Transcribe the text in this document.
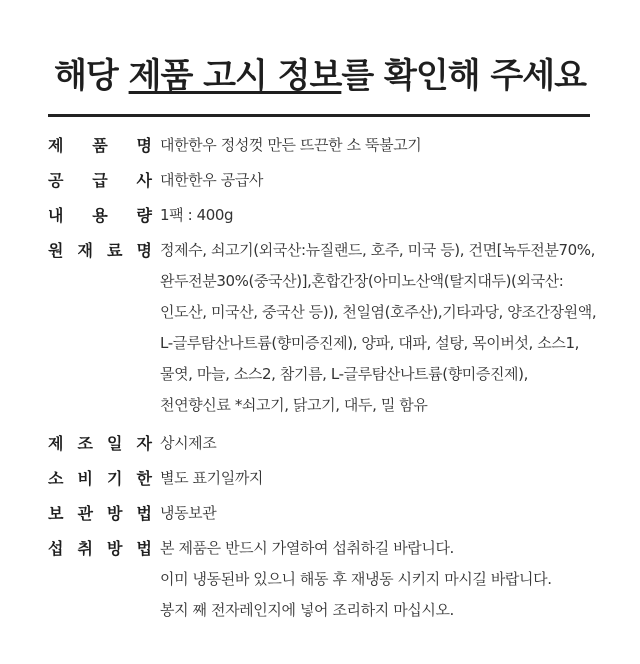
해당 제품 고시 정보를 확인해 주세요
제 품 명 대한한우 정성껏 만든 뜨끈한 소 뚝불고기
공 급 사 대한한우 공급사
내 용 량 1팩 : 400g
원 재 료 명 정제수, 쇠고기(외국산:뉴질랜드, 호주, 미국 등), 건면[녹두전분70%,
완두전분30%(중국산)],혼합간장(아미노산액(탈지대두)(외국산:
인도산, 미국산, 중국산 등)), 천일염(호주산),기타과당, 양조간장원액,
L-글루탐산나트륨(향미증진제), 양파, 대파, 설탕, 목이버섯, 소스1,
물엿, 마늘, 소스2, 참기름, L-글루탐산나트륨(향미증진제),
천연향신료 *쇠고기, 닭고기, 대두, 밀 함유
제 조 일 자 상시제조
소 비 기 한 별도 표기일까지
보 관 방 법 냉동보관
섭 취 방 법 본 제품은 반드시 가열하여 섭취하길 바랍니다.
이미 냉동된바 있으니 해동 후 재냉동 시키지 마시길 바랍니다.
봉지 째 전자레인지에 넣어 조리하지 마십시오.
